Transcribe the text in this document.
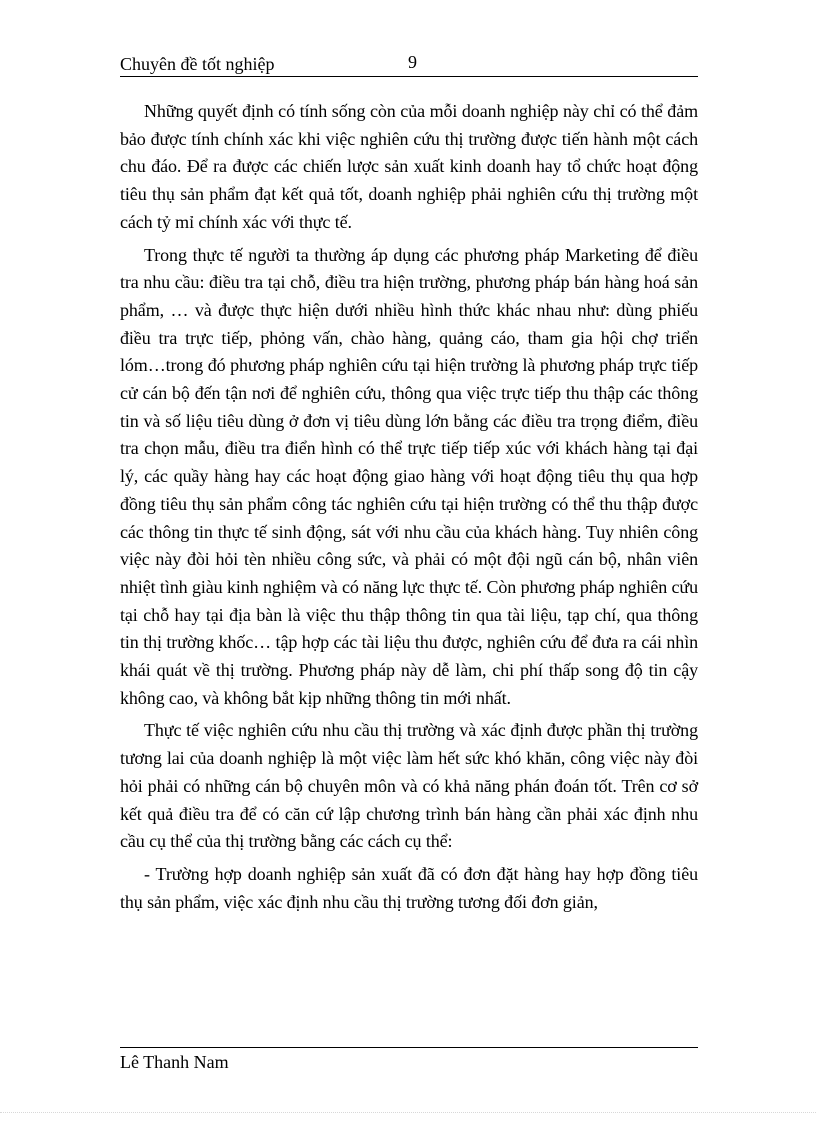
Chuyên đề tốt nghiệp	9

Những quyết định có tính sống còn của mỗi doanh nghiệp này chỉ có thể đảm bảo được tính chính xác khi việc nghiên cứu thị trường được tiến hành một cách chu đáo. Để ra được các chiến lược sản xuất kinh doanh hay tổ chức hoạt động tiêu thụ sản phẩm đạt kết quả tốt, doanh nghiệp phải nghiên cứu thị trường một cách tỷ mỉ chính xác với thực tế.

Trong thực tế người ta thường áp dụng các phương pháp Marketing để điều tra nhu cầu: điều tra tại chỗ, điều tra hiện trường, phương pháp bán hàng hoá sản phẩm, … và được thực hiện dưới nhiều hình thức khác nhau như: dùng phiếu điều tra trực tiếp, phỏng vấn, chào hàng, quảng cáo, tham gia hội chợ triển lóm…trong đó phương pháp nghiên cứu tại hiện trường là phương pháp trực tiếp cử cán bộ đến tận nơi để nghiên cứu, thông qua việc trực tiếp thu thập các thông tin và số liệu tiêu dùng ở đơn vị tiêu dùng lớn bằng các điều tra trọng điểm, điều tra chọn mẫu, điều tra điển hình có thể trực tiếp tiếp xúc với khách hàng tại đại lý, các quầy hàng hay các hoạt động giao hàng với hoạt động tiêu thụ qua hợp đồng tiêu thụ sản phẩm công tác nghiên cứu tại hiện trường có thể thu thập được các thông tin thực tế sinh động, sát với nhu cầu của khách hàng. Tuy nhiên công việc này đòi hỏi tèn nhiều công sức, và phải có một đội ngũ cán bộ, nhân viên nhiệt tình giàu kinh nghiệm và có năng lực thực tế. Còn phương pháp nghiên cứu tại chỗ hay tại địa bàn là việc thu thập thông tin qua tài liệu, tạp chí, qua thông tin thị trường khốc… tập hợp các tài liệu thu được, nghiên cứu để đưa ra cái nhìn khái quát về thị trường. Phương pháp này dễ làm, chi phí thấp song độ tin cậy không cao, và không bắt kịp những thông tin mới nhất.

Thực tế việc nghiên cứu nhu cầu thị trường và xác định được phần thị trường tương lai của doanh nghiệp là một việc làm hết sức khó khăn, công việc này đòi hỏi phải có những cán bộ chuyên môn và có khả năng phán đoán tốt. Trên cơ sở kết quả điều tra để có căn cứ lập chương trình bán hàng cần phải xác định nhu cầu cụ thể của thị trường bằng các cách cụ thể:

- Trường hợp doanh nghiệp sản xuất đã có đơn đặt hàng hay hợp đồng tiêu thụ sản phẩm, việc xác định nhu cầu thị trường tương đối đơn giản,

Lê Thanh Nam
